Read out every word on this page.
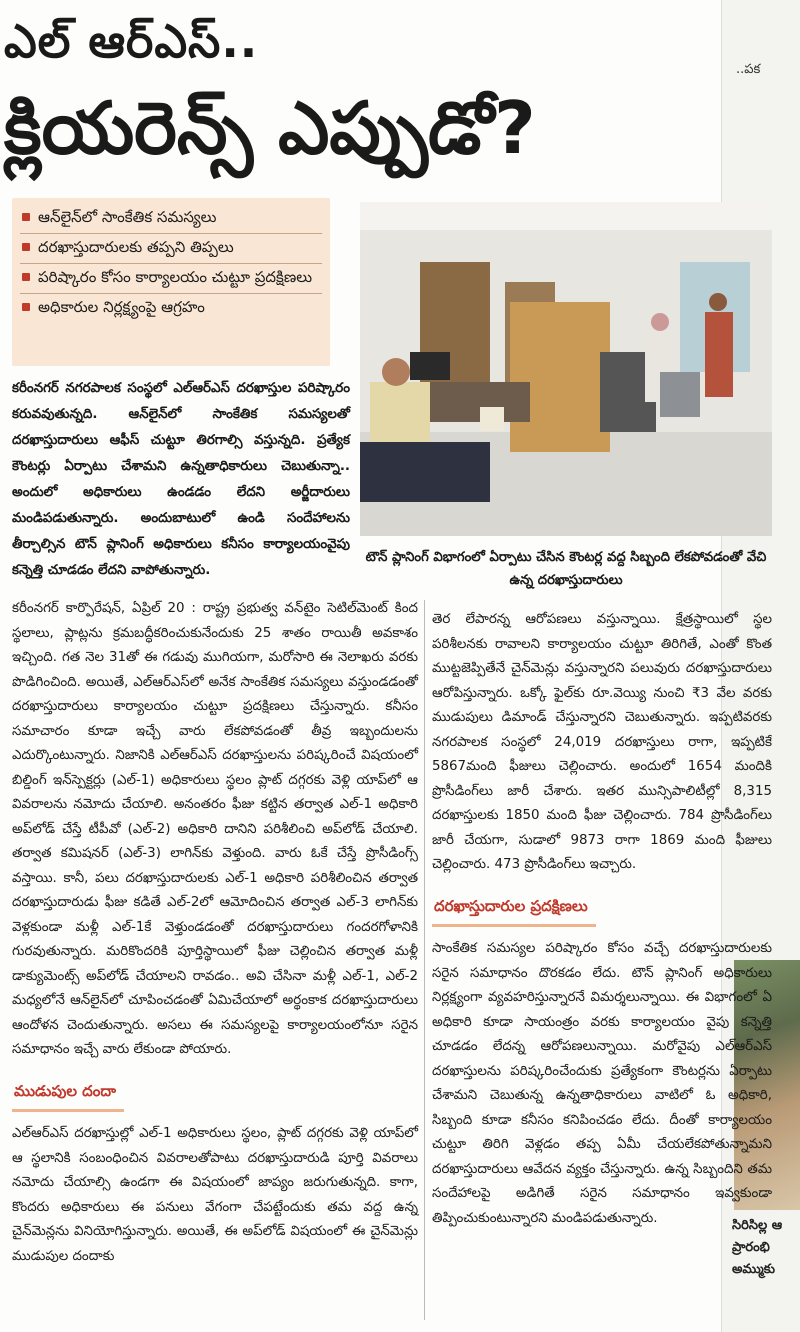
ఎల్ ఆర్ఎస్..
క్లియరెన్స్ ఎప్పుడో?
..పక
సిరిసిల్ల ఆ
ప్రారంభి
అమ్ముకు
ఆన్‌లైన్‌లో సాంకేతిక సమస్యలు
దరఖాస్తుదారులకు తప్పని తిప్పలు
పరిష్కారం కోసం కార్యాలయం చుట్టూ ప్రదక్షిణలు
అధికారుల నిర్లక్ష్యంపై ఆగ్రహం
కరీంనగర్ నగరపాలక సంస్థలో ఎల్ఆర్ఎస్ దరఖాస్తుల పరిష్కారం కరువవుతున్నది. ఆన్‌లైన్‌లో సాంకేతిక సమస్యలతో దరఖాస్తుదారులు ఆఫీస్ చుట్టూ తిరగాల్సి వస్తున్నది. ప్రత్యేక కౌంటర్లు ఏర్పాటు చేశామని ఉన్నతాధికారులు చెబుతున్నా.. అందులో అధికారులు ఉండడం లేదని అర్జీదారులు మండిపడుతున్నారు. అందుబాటులో ఉండి సందేహాలను తీర్చాల్సిన టౌన్ ప్లానింగ్ అధికారులు కనీసం కార్యాలయంవైపు కన్నెత్తి చూడడం లేదని వాపోతున్నారు.
టౌన్ ప్లానింగ్ విభాగంలో ఏర్పాటు చేసిన కౌంటర్ల వద్ద సిబ్బంది లేకపోవడంతో వేచి ఉన్న దరఖాస్తుదారులు

కరీంనగర్ కార్పొరేషన్, ఏప్రిల్ 20 : రాష్ట్ర ప్రభుత్వ వన్‌టైం సెటిల్‌మెంట్ కింద స్థలాలు, ప్లాట్లను క్రమబద్ధీకరించుకునేందుకు 25 శాతం రాయితీ అవకాశం ఇచ్చింది. గత నెల 31తో ఈ గడువు ముగియగా, మరోసారి ఈ నెలాఖరు వరకు పొడిగించింది. అయితే, ఎల్ఆర్ఎస్‌లో అనేక సాంకేతిక సమస్యలు వస్తుండడంతో దరఖాస్తుదారులు కార్యాలయం చుట్టూ ప్రదక్షిణలు చేస్తున్నారు. కనీసం సమాచారం కూడా ఇచ్చే వారు లేకపోవడంతో తీవ్ర ఇబ్బందులను ఎదుర్కొంటున్నారు. నిజానికి ఎల్ఆర్ఎస్ దరఖాస్తులను పరిష్కరించే విషయంలో బిల్డింగ్ ఇన్‌స్పెక్టర్లు (ఎల్-1) అధికారులు స్థలం ప్లాట్ దగ్గరకు వెళ్లి యాప్‌లో ఆ వివరాలను నమోదు చేయాలి. అనంతరం ఫీజు కట్టిన తర్వాత ఎల్-1 అధికారి అప్‌లోడ్ చేస్తే టీపీవో (ఎల్-2) అధికారి దానిని పరిశీలించి అప్‌లోడ్ చేయాలి. తర్వాత కమిషనర్ (ఎల్-3) లాగిన్‌కు వెళ్తుంది. వారు ఓకే చేస్తే ప్రొసీడింగ్స్ వస్తాయి. కానీ, పలు దరఖాస్తుదారులకు ఎల్-1 అధికారి పరిశీలించిన తర్వాత దరఖాస్తుదారుడు ఫీజు కడితే ఎల్-2లో ఆమోదించిన తర్వాత ఎల్-3 లాగిన్‌కు వెళ్లకుండా మళ్లీ ఎల్-1కే వెళ్తుండడంతో దరఖాస్తుదారులు గందరగోళానికి గురవుతున్నారు. మరికొందరికి పూర్తిస్థాయిలో ఫీజు చెల్లించిన తర్వాత మళ్లీ డాక్యుమెంట్స్ అప్‌లోడ్ చేయాలని రావడం.. అవి చేసినా మళ్లీ ఎల్-1, ఎల్-2 మధ్యలోనే ఆన్‌లైన్‌లో చూపించడంతో ఏమిచేయాలో అర్థంకాక దరఖాస్తుదారులు ఆందోళన చెందుతున్నారు. అసలు ఈ సమస్యలపై కార్యాలయంలోనూ సరైన సమాధానం ఇచ్చే వారు లేకుండా పోయారు.

ముడుపుల దందా

ఎల్ఆర్ఎస్ దరఖాస్తుల్లో ఎల్-1 అధికారులు స్థలం, ప్లాట్ దగ్గరకు వెళ్లి యాప్‌లో ఆ స్థలానికి సంబంధించిన వివరాలతోపాటు దరఖాస్తుదారుడి పూర్తి వివరాలు నమోదు చేయాల్సి ఉండగా ఈ విషయంలో జాప్యం జరుగుతున్నది. కాగా, కొందరు అధికారులు ఈ పనులు వేగంగా చేపట్టేందుకు తమ వద్ద ఉన్న చైన్‌మెన్లను వినియోగిస్తున్నారు. అయితే, ఈ అప్‌లోడ్ విషయంలో ఈ చైన్‌మెన్లు ముడుపుల దందాకు

తెర లేపారన్న ఆరోపణలు వస్తున్నాయి. క్షేత్రస్థాయిలో స్థల పరిశీలనకు రావాలని కార్యాలయం చుట్టూ తిరిగితే, ఎంతో కొంత ముట్టజెప్పితేనే చైన్‌మెన్లు వస్తున్నారని పలువురు దరఖాస్తుదారులు ఆరోపిస్తున్నారు. ఒక్కో ఫైల్‌కు రూ.వెయ్యి నుంచి ₹3 వేల వరకు ముడుపులు డిమాండ్ చేస్తున్నారని చెబుతున్నారు. ఇప్పటివరకు నగరపాలక సంస్థలో 24,019 దరఖాస్తులు రాగా, ఇప్పటికే 5867మంది ఫీజులు చెల్లించారు. అందులో 1654 మందికి ప్రొసీడింగ్‌లు జారీ చేశారు. ఇతర మున్సిపాలిటీల్లో 8,315 దరఖాస్తులకు 1850 మంది ఫీజు చెల్లించారు. 784 ప్రొసీడింగ్‌లు జారీ చేయగా, సుడాలో 9873 రాగా 1869 మంది ఫీజులు చెల్లించారు. 473 ప్రొసీడింగ్‌లు ఇచ్చారు.

దరఖాస్తుదారుల ప్రదక్షిణలు

సాంకేతిక సమస్యల పరిష్కారం కోసం వచ్చే దరఖాస్తుదారులకు సరైన సమాధానం దొరకడం లేదు. టౌన్ ప్లానింగ్ అధికారులు నిర్లక్ష్యంగా వ్యవహరిస్తున్నారనే విమర్శలున్నాయి. ఈ విభాగంలో ఏ అధికారి కూడా సాయంత్రం వరకు కార్యాలయం వైపు కన్నెత్తి చూడడం లేదన్న ఆరోపణలున్నాయి. మరోవైపు ఎల్ఆర్ఎస్ దరఖాస్తులను పరిష్కరించేందుకు ప్రత్యేకంగా కౌంటర్లను ఏర్పాటు చేశామని చెబుతున్న ఉన్నతాధికారులు వాటిలో ఓ అధికారి, సిబ్బంది కూడా కనీసం కనిపించడం లేదు. దీంతో కార్యాలయం చుట్టూ తిరిగి వెళ్లడం తప్ప ఏమీ చేయలేకపోతున్నామని దరఖాస్తుదారులు ఆవేదన వ్యక్తం చేస్తున్నారు. ఉన్న సిబ్బందిని తమ సందేహాలపై అడిగితే సరైన సమాధానం ఇవ్వకుండా తిప్పించుకుంటున్నారని మండిపడుతున్నారు.
